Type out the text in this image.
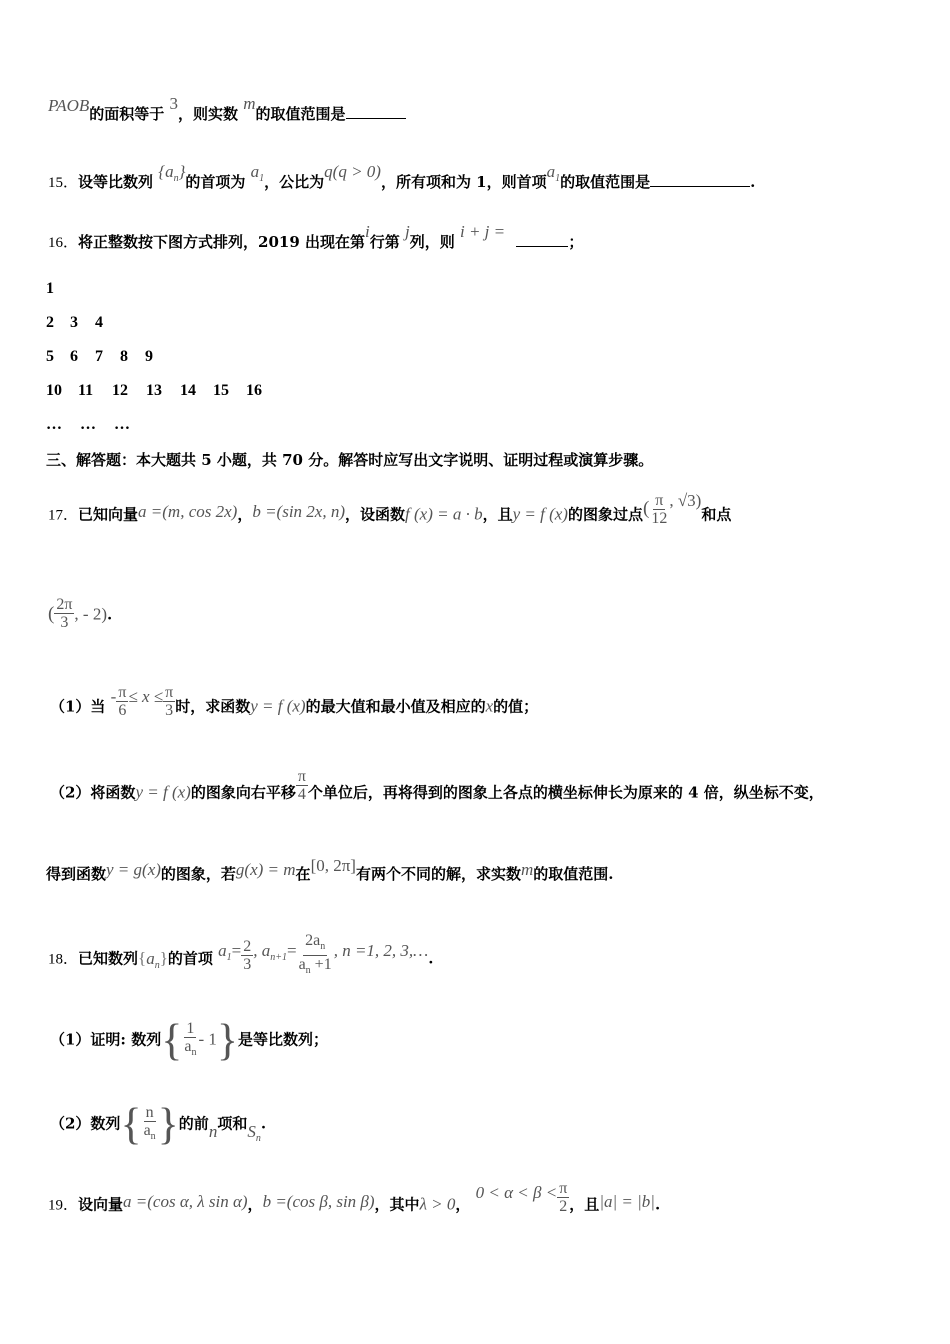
PAOB的面积等于 3，则实数 m的取值范围是
15．设等比数列 $\{a_n\}$的首项为 $a_1$，公比为q(q > 0)，所有项和为 1，则首项$a_1$的取值范围是	.
16．将正整数按下图方式排列，2019 出现在第i行第 j列，则 i + j = ；
1
2 3 4
5 6 7 8 9
10 11 12 13 14 15 16
… … …
三、解答题：本大题共 5 小题，共 70 分。解答时应写出文字说明、证明过程或演算步骤。
17．已知向量a =(m, cos 2x)，b =(sin 2x, n)，设函数f (x) = a · b，且y = f (x)的图象过点( $\frac{\pi}{12}$ , √3)和点
( $\frac{2\pi}{3}$ , - 2).
（1）当 - $\frac{\pi}{6} \le x \le \frac{\pi}{3}$ 时，求函数y = f (x)的最大值和最小值及相应的x的值；
（2）将函数y = f (x)的图象向右平移 $\frac{\pi}{4}$ 个单位后，再将得到的图象上各点的横坐标伸长为原来的 4 倍，纵坐标不变，
得到函数y = g(x)的图象，若g(x) = m在[0, 2π]有两个不同的解，求实数m的取值范围.
18．已知数列$\{a_n\}$的首项 $a_1= \frac{2}{3}$ , $a_{n+1}= \frac{2a_n}{a_n +1}$ , n =1, 2, 3,….
（1）证明: 数列{ $\frac{1}{a_n} - 1$}是等比数列；
（2）数列{ $\frac{n}{a_n}$ }的前n项和$S_n$.
19．设向量a =(cos α, λ sin α)，b =(cos β, sin β)，其中λ > 0， $0 < \alpha < \beta < \frac{\pi}{2}$ ，且|a| = |b|.
